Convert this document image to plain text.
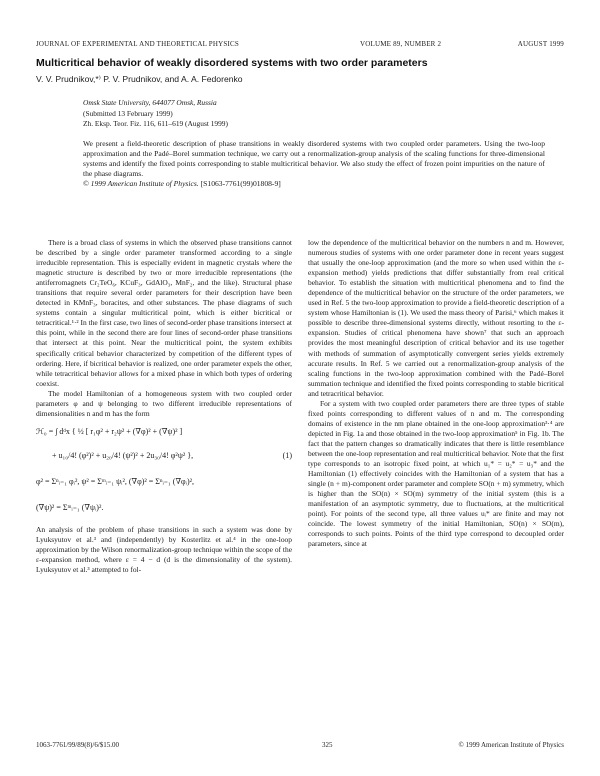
JOURNAL OF EXPERIMENTAL AND THEORETICAL PHYSICS	VOLUME 89, NUMBER 2	AUGUST 1999
Multicritical behavior of weakly disordered systems with two order parameters
V. V. Prudnikov,*⁾ P. V. Prudnikov, and A. A. Fedorenko
Omsk State University, 644077 Omsk, Russia
(Submitted 13 February 1999)
Zh. Eksp. Teor. Fiz. 116, 611–619 (August 1999)
We present a field-theoretic description of phase transitions in weakly disordered systems with two coupled order parameters. Using the two-loop approximation and the Padé–Borel summation technique, we carry out a renormalization-group analysis of the scaling functions for three-dimensional systems and identify the fixed points corresponding to stable multicritical behavior. We also study the effect of frozen point impurities on the nature of the phase diagrams.
© 1999 American Institute of Physics. [S1063-7761(99)01808-9]

There is a broad class of systems in which the observed phase transitions cannot be described by a single order parameter transformed according to a single irreducible representation. This is especially evident in magnetic crystals where the magnetic structure is described by two or more irreducible representations (the antiferromagnets Cr₂TeO₆, KCuF₃, GdAlO₃, MnF₂, and the like). Structural phase transitions that require several order parameters for their description have been detected in KMnF₃, boracites, and other substances. The phase diagrams of such systems contain a singular multicritical point, which is either bicritical or tetracritical.¹·² In the first case, two lines of second-order phase transitions intersect at this point, while in the second there are four lines of second-order phase transitions that intersect at this point. Near the multicritical point, the system exhibits specifically critical behavior characterized by competition of the different types of ordering. Here, if bicritical behavior is realized, one order parameter expels the other, while tetracritical behavior allows for a mixed phase in which both types of ordering coexist.

The model Hamiltonian of a homogeneous system with two coupled order parameters φ and ψ belonging to two different irreducible representations of dimensionalities n and m has the form

ℋ₀ = ∫ dᵈx { ½ [ r₁φ² + r₂ψ² + (∇φ)² + (∇ψ)² ]
+ u₁₀/4! (φ²)² + u₂₀/4! (ψ²)² + 2u₃₀/4! φ²ψ² },	(1)
φ² = Σⁿᵢ₌₁ φᵢ², ψ² = Σᵐᵢ₌₁ ψᵢ², (∇φ)² = Σⁿᵢ₌₁ (∇φᵢ)²,
(∇ψ)² = Σᵐᵢ₌₁ (∇ψᵢ)².

An analysis of the problem of phase transitions in such a system was done by Lyuksyutov et al.³ and (independently) by Kosterlitz et al.⁴ in the one-loop approximation by the Wilson renormalization-group technique within the scope of the ε-expansion method, where ε = 4 − d (d is the dimensionality of the system). Lyuksyutov et al.³ attempted to fol-

low the dependence of the multicritical behavior on the numbers n and m. However, numerous studies of systems with one order parameter done in recent years suggest that usually the one-loop approximation (and the more so when used within the ε-expansion method) yields predictions that differ substantially from real critical behavior. To establish the situation with multicritical phenomena and to find the dependence of the multicritical behavior on the structure of the order parameters, we used in Ref. 5 the two-loop approximation to provide a field-theoretic description of a system whose Hamiltonian is (1). We used the mass theory of Parisi,⁶ which makes it possible to describe three-dimensional systems directly, without resorting to the ε-expansion. Studies of critical phenomena have shown⁷ that such an approach provides the most meaningful description of critical behavior and its use together with methods of summation of asymptotically convergent series yields extremely accurate results. In Ref. 5 we carried out a renormalization-group analysis of the scaling functions in the two-loop approximation combined with the Padé–Borel summation technique and identified the fixed points corresponding to stable bicritical and tetracritical behavior.

For a system with two coupled order parameters there are three types of stable fixed points corresponding to different values of n and m. The corresponding domains of existence in the nm plane obtained in the one-loop approximation³·⁴ are depicted in Fig. 1a and those obtained in the two-loop approximation⁵ in Fig. 1b. The fact that the pattern changes so dramatically indicates that there is little resemblance between the one-loop representation and real multicritical behavior. Note that the first type corresponds to an isotropic fixed point, at which u₁* = u₂* = u₃* and the Hamiltonian (1) effectively coincides with the Hamiltonian of a system that has a single (n + m)-component order parameter and complete SO(n + m) symmetry, which is higher than the SO(n) × SO(m) symmetry of the initial system (this is a manifestation of an asymptotic symmetry, due to fluctuations, at the multicritical point). For points of the second type, all three values uᵢ* are finite and may not coincide. The lowest symmetry of the initial Hamiltonian, SO(n) × SO(m), corresponds to such points. Points of the third type correspond to decoupled order parameters, since at

1063-7761/99/89(8)/6/$15.00	325	© 1999 American Institute of Physics
